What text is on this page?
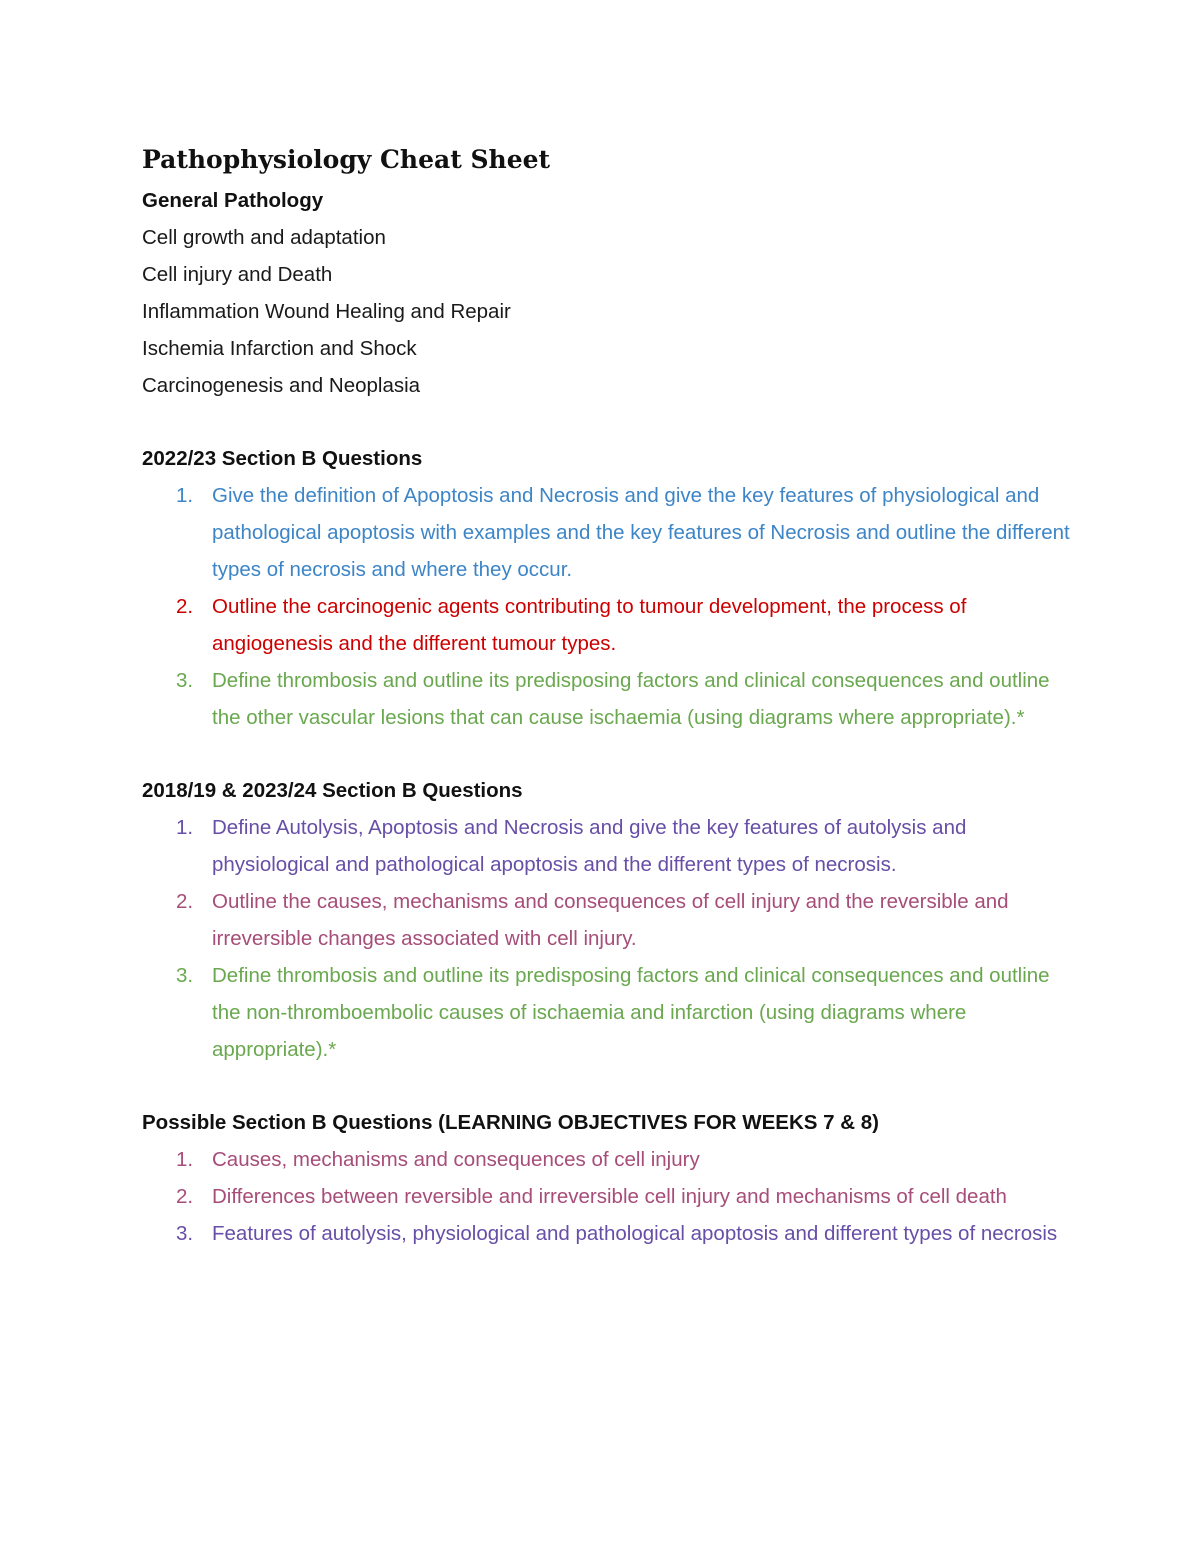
Pathophysiology Cheat Sheet

General Pathology

Cell growth and adaptation

Cell injury and Death

Inflammation Wound Healing and Repair

Ischemia Infarction and Shock

Carcinogenesis and Neoplasia

2022/23 Section B Questions

1. Give the definition of Apoptosis and Necrosis and give the key features of physiological and pathological apoptosis with examples and the key features of Necrosis and outline the different types of necrosis and where they occur.
2. Outline the carcinogenic agents contributing to tumour development, the process of angiogenesis and the different tumour types.
3. Define thrombosis and outline its predisposing factors and clinical consequences and outline the other vascular lesions that can cause ischaemia (using diagrams where appropriate).*

2018/19 & 2023/24 Section B Questions

1. Define Autolysis, Apoptosis and Necrosis and give the key features of autolysis and physiological and pathological apoptosis and the different types of necrosis.
2. Outline the causes, mechanisms and consequences of cell injury and the reversible and irreversible changes associated with cell injury.
3. Define thrombosis and outline its predisposing factors and clinical consequences and outline the non-thromboembolic causes of ischaemia and infarction (using diagrams where appropriate).*

Possible Section B Questions (LEARNING OBJECTIVES FOR WEEKS 7 & 8)

1. Causes, mechanisms and consequences of cell injury
2. Differences between reversible and irreversible cell injury and mechanisms of cell death
3. Features of autolysis, physiological and pathological apoptosis and different types of necrosis
